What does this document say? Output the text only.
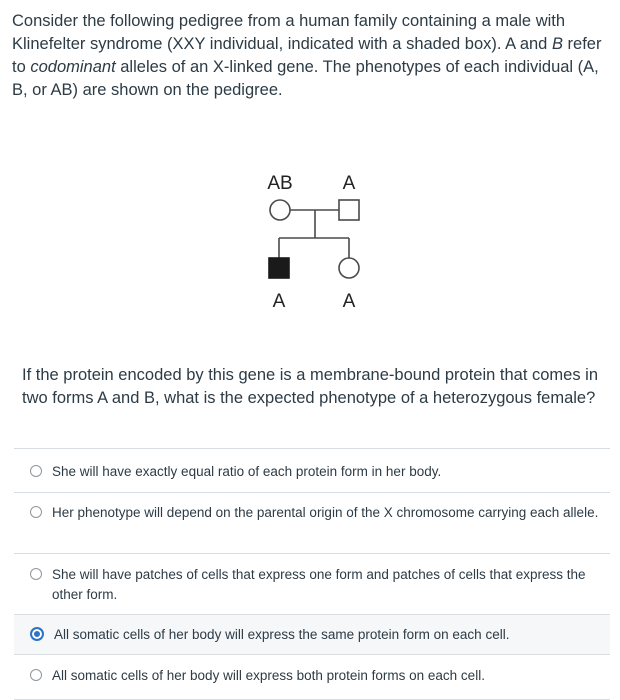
Consider the following pedigree from a human family containing a male with Klinefelter syndrome (XXY individual, indicated with a shaded box). A and B refer to codominant alleles of an X-linked gene. The phenotypes of each individual (A, B, or AB) are shown on the pedigree.
AB	A
A	A
If the protein encoded by this gene is a membrane-bound protein that comes in two forms A and B, what is the expected phenotype of a heterozygous female?
She will have exactly equal ratio of each protein form in her body.
Her phenotype will depend on the parental origin of the X chromosome carrying each allele.
She will have patches of cells that express one form and patches of cells that express the other form.
All somatic cells of her body will express the same protein form on each cell.
All somatic cells of her body will express both protein forms on each cell.
